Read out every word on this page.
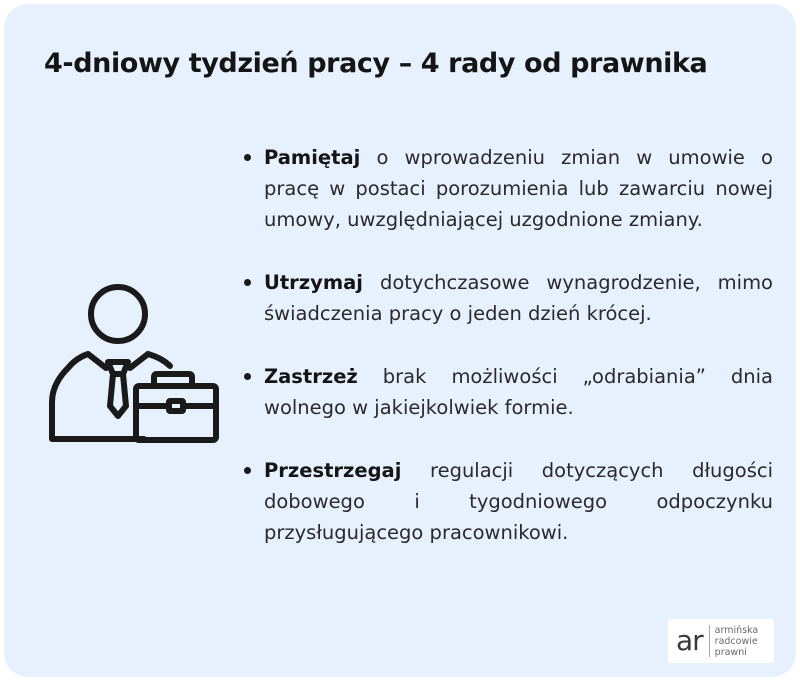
4-dniowy tydzień pracy – 4 rady od prawnika
Pamiętaj o wprowadzeniu zmian w umowie o pracę w postaci porozumienia lub zawarciu nowej umowy, uwzględniającej uzgodnione zmiany.
Utrzymaj dotychczasowe wynagrodzenie, mimo świadczenia pracy o jeden dzień krócej.
Zastrzeż brak możliwości „odrabiania” dnia wolnego w jakiejkolwiek formie.
Przestrzegaj regulacji dotyczących długości dobowego i tygodniowego odpoczynku przysługującego pracownikowi.
ar armińska
radcowie
prawni
